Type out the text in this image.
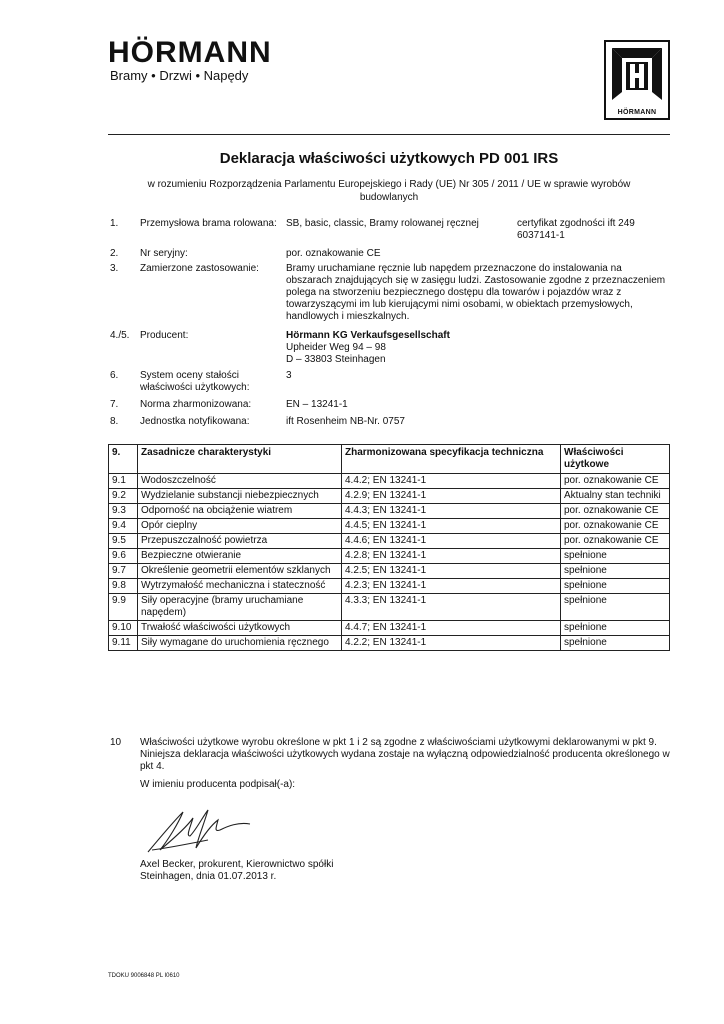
HÖRMANN
Bramy • Drzwi • Napędy
HÖRMANN
Deklaracja właściwości użytkowych PD 001 IRS
w rozumieniu Rozporządzenia Parlamentu Europejskiego i Rady (UE) Nr 305 / 2011 / UE w sprawie wyrobów budowlanych
1.	Przemysłowa brama rolowana: SB, basic, classic, Bramy rolowanej ręcznej	certyfikat zgodności ift 249 6037141-1
2.	Nr seryjny:	por. oznakowanie CE
3.	Zamierzone zastosowanie:	Bramy uruchamiane ręcznie lub napędem przeznaczone do instalowania na obszarach znajdujących się w zasięgu ludzi. Zastosowanie zgodne z przeznaczeniem polega na stworzeniu bezpiecznego dostępu dla towarów i pojazdów wraz z towarzyszącymi im lub kierującymi nimi osobami, w obiektach przemysłowych, handlowych i mieszkalnych.
4./5.	Producent:	Hörmann KG Verkaufsgesellschaft
Upheider Weg 94 – 98
D – 33803 Steinhagen
6.	System oceny stałości właściwości użytkowych:
3
7.	Norma zharmonizowana:	EN – 13241-1
8.	Jednostka notyfikowana:	ift Rosenheim NB-Nr. 0757
9.	Zasadnicze charakterystyki	Zharmonizowana specyfikacja techniczna	Właściwości użytkowe
9.1	Wodoszczelność	4.4.2; EN 13241-1	por. oznakowanie CE
9.2	Wydzielanie substancji niebezpiecznych	4.2.9; EN 13241-1	Aktualny stan techniki
9.3	Odporność na obciążenie wiatrem	4.4.3; EN 13241-1	por. oznakowanie CE
9.4	Opór cieplny	4.4.5; EN 13241-1	por. oznakowanie CE
9.5	Przepuszczalność powietrza	4.4.6; EN 13241-1	por. oznakowanie CE
9.6	Bezpieczne otwieranie	4.2.8; EN 13241-1	spełnione
9.7	Określenie geometrii elementów szklanych	4.2.5; EN 13241-1	spełnione
9.8	Wytrzymałość mechaniczna i stateczność	4.2.3; EN 13241-1	spełnione
9.9	Siły operacyjne (bramy uruchamiane napędem)	4.3.3; EN 13241-1	spełnione
9.10	Trwałość właściwości użytkowych	4.4.7; EN 13241-1	spełnione
9.11	Siły wymagane do uruchomienia ręcznego	4.2.2; EN 13241-1	spełnione
10 Właściwości użytkowe wyrobu określone w pkt 1 i 2 są zgodne z właściwościami użytkowymi deklarowanymi w pkt 9. Niniejsza deklaracja właściwości użytkowych wydana zostaje na wyłączną odpowiedzialność producenta określonego w pkt 4.
W imieniu producenta podpisał(-a):
Axel Becker, prokurent, Kierownictwo spółki
Steinhagen, dnia 01.07.2013 r.
TDOKU 9006848 PL I0610
